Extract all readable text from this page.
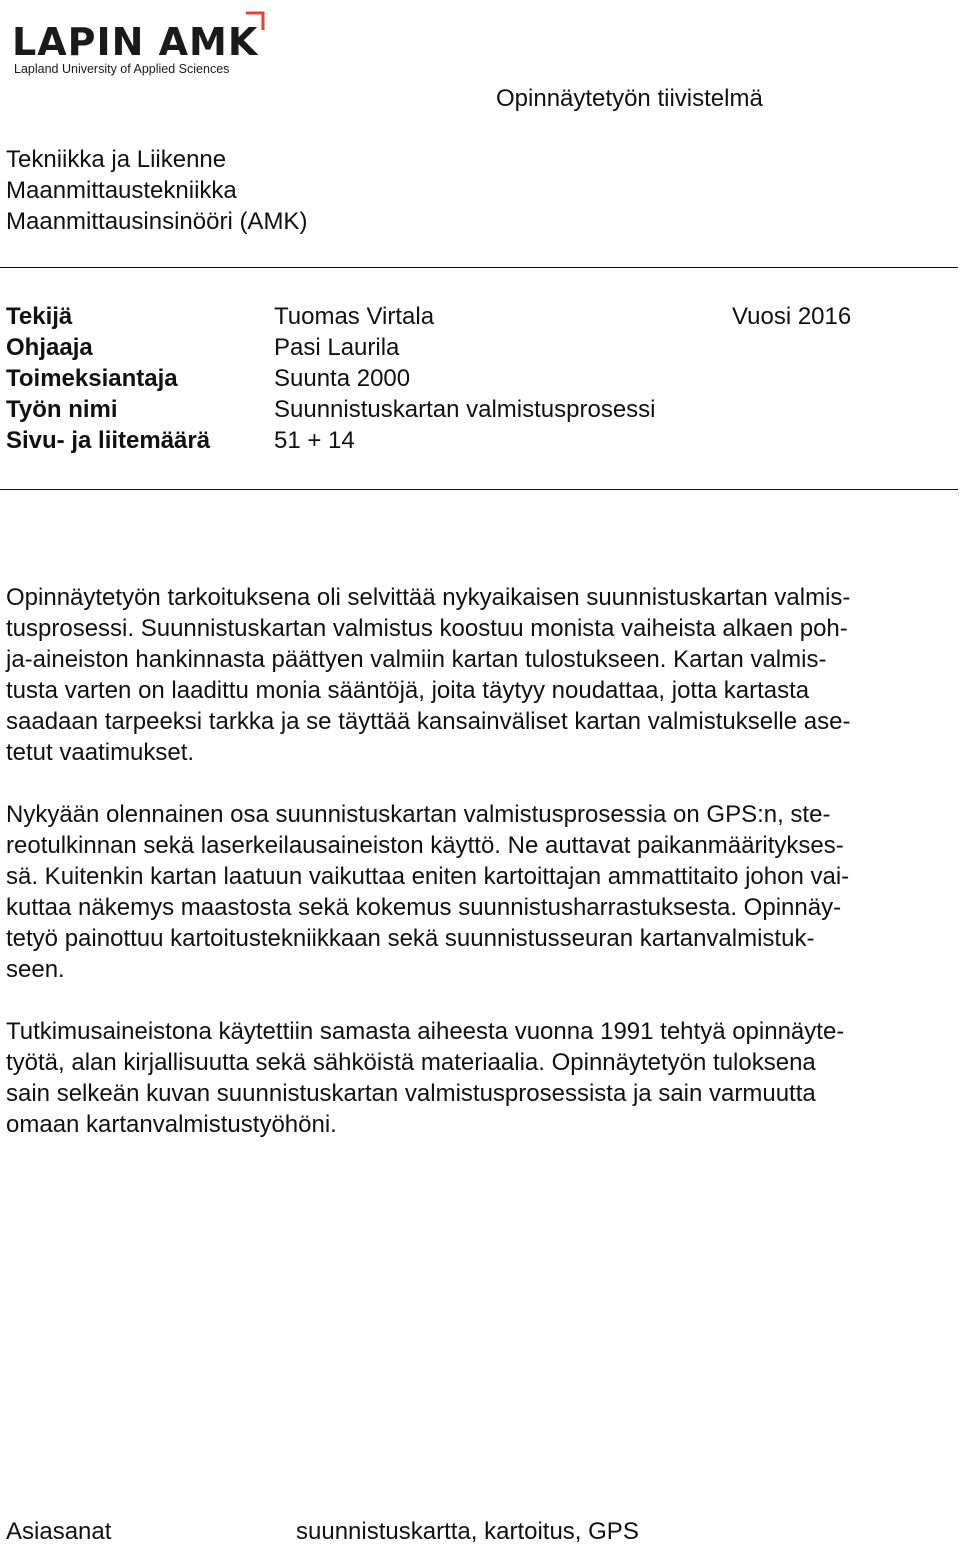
LAPIN AMK
Lapland University of Applied Sciences
Opinnäytetyön tiivistelmä
Tekniikka ja Liikenne
Maanmittaustekniikka
Maanmittausinsinööri (AMK)
Tekijä	Tuomas Virtala	Vuosi 2016
Ohjaaja	Pasi Laurila
Toimeksiantaja	Suunta 2000
Työn nimi	Suunnistuskartan valmistusprosessi
Sivu- ja liitemäärä	51 + 14

Opinnäytetyön tarkoituksena oli selvittää nykyaikaisen suunnistuskartan valmis-
tusprosessi. Suunnistuskartan valmistus koostuu monista vaiheista alkaen poh-
ja-aineiston hankinnasta päättyen valmiin kartan tulostukseen. Kartan valmis-
tusta varten on laadittu monia sääntöjä, joita täytyy noudattaa, jotta kartasta
saadaan tarpeeksi tarkka ja se täyttää kansainväliset kartan valmistukselle ase-
tetut vaatimukset.

Nykyään olennainen osa suunnistuskartan valmistusprosessia on GPS:n, ste-
reotulkinnan sekä laserkeilausaineiston käyttö. Ne auttavat paikanmääritykses-
sä. Kuitenkin kartan laatuun vaikuttaa eniten kartoittajan ammattitaito johon vai-
kuttaa näkemys maastosta sekä kokemus suunnistusharrastuksesta. Opinnäy-
tetyö painottuu kartoitustekniikkaan sekä suunnistusseuran kartanvalmistuk-
seen.

Tutkimusaineistona käytettiin samasta aiheesta vuonna 1991 tehtyä opinnäyte-
työtä, alan kirjallisuutta sekä sähköistä materiaalia. Opinnäytetyön tuloksena
sain selkeän kuvan suunnistuskartan valmistusprosessista ja sain varmuutta
omaan kartanvalmistustyöhöni.

Asiasanat	suunnistuskartta, kartoitus, GPS
